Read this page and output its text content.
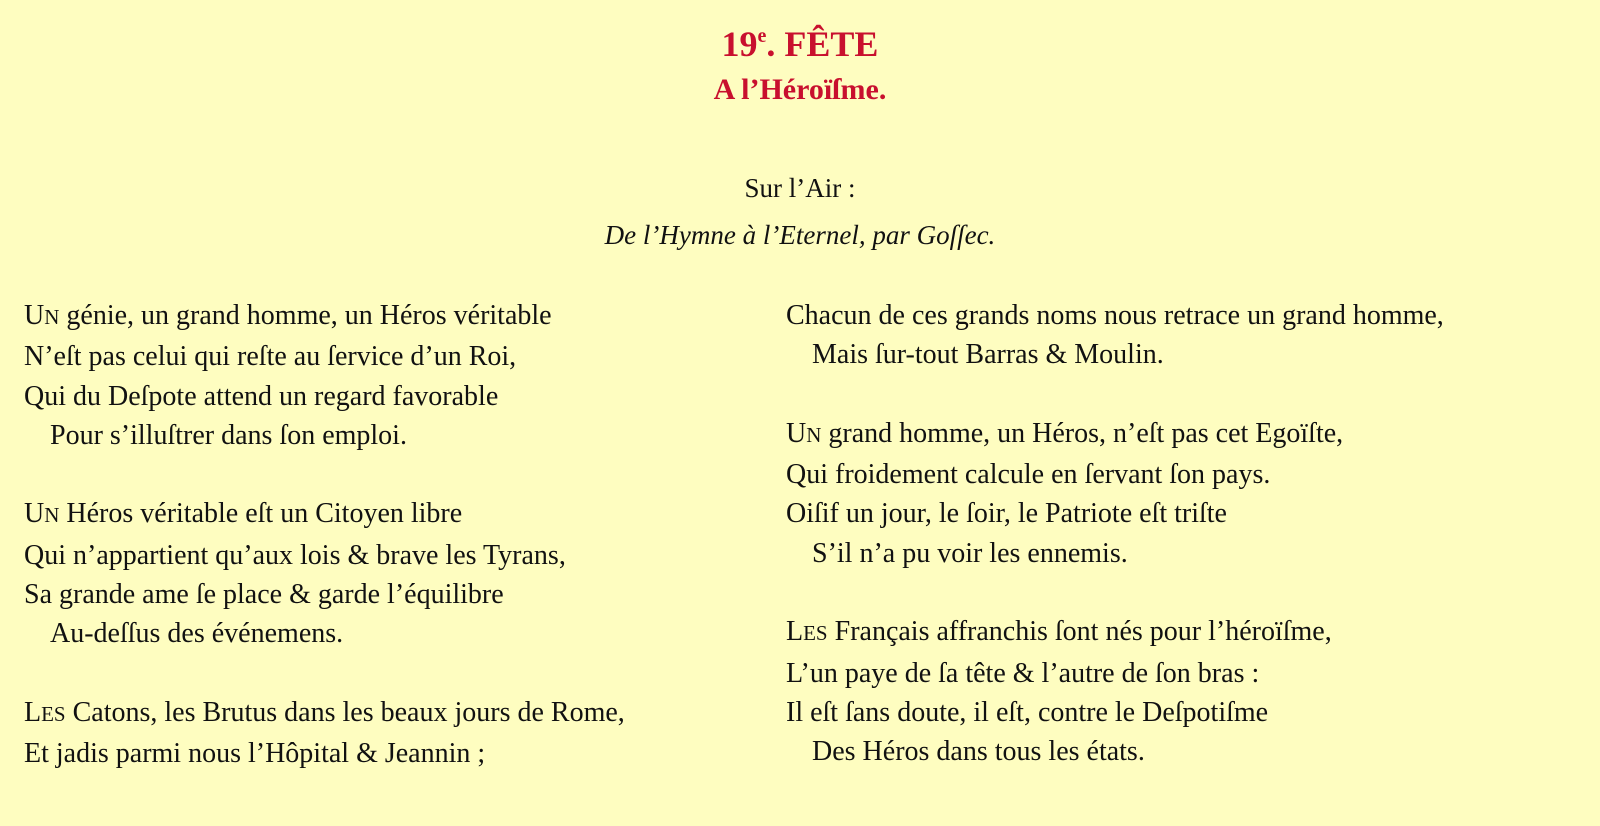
19e. FÊTE
A l’Héroïſme.
Sur l’Air :
De l’Hymne à l’Eternel, par Goſſec.
UN génie, un grand homme, un Héros véritable
N’eſt pas celui qui reſte au ſervice d’un Roi,
Qui du Deſpote attend un regard favorable
Pour s’illuſtrer dans ſon emploi.
UN Héros véritable eſt un Citoyen libre
Qui n’appartient qu’aux lois & brave les Tyrans,
Sa grande ame ſe place & garde l’équilibre
Au-deſſus des événemens.
LES Catons, les Brutus dans les beaux jours de Rome,
Et jadis parmi nous l’Hôpital & Jeannin ;
Chacun de ces grands noms nous retrace un grand homme,
Mais ſur-tout Barras & Moulin.
UN grand homme, un Héros, n’eſt pas cet Egoïſte,
Qui froidement calcule en ſervant ſon pays.
Oiſif un jour, le ſoir, le Patriote eſt triſte
S’il n’a pu voir les ennemis.
LES Français affranchis ſont nés pour l’héroïſme,
L’un paye de ſa tête & l’autre de ſon bras :
Il eſt ſans doute, il eſt, contre le Deſpotiſme
Des Héros dans tous les états.
